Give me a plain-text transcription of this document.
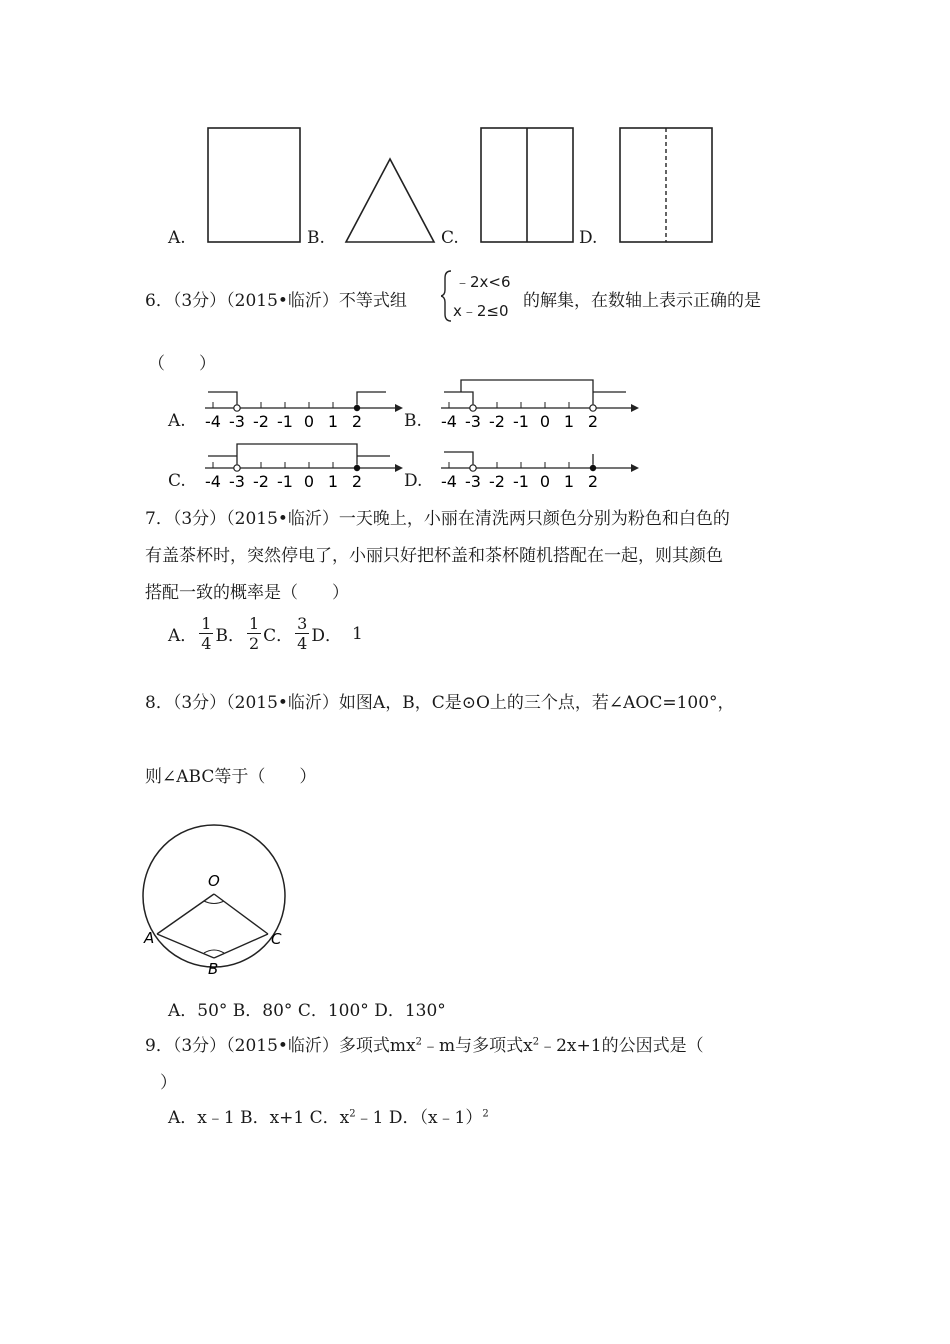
A.	B.	C.	D.
6．（3分）（2015•临沂）不等式组
﹣2x<6
x﹣2≤0 的解集，在数轴上表示正确的是
（　　）
A. -4 -3 -2 -1 0 1 2 B. -4 -3 -2 -1 0 1 2
C. -4 -3 -2 -1 0 1 2 D. -4 -3 -2 -1 0 1 2
7．（3分）（2015•临沂）一天晚上，小丽在清洗两只颜色分别为粉色和白色的
有盖茶杯时，突然停电了，小丽只好把杯盖和茶杯随机搭配在一起，则其颜色
搭配一致的概率是（　　）
A． $\frac{1}{4}$ B． $\frac{1}{2}$ C． $\frac{3}{4}$ D． 1
8．（3分）（2015•临沂）如图A，B，C是⊙O上的三个点，若∠AOC=100°，
则∠ABC等于（　　）
O
A
B
C
A．50° B．80° C．100° D．130°
9．（3分）（2015•临沂）多项式$mx^2﹣m$与多项式$x^2﹣2x+1$的公因式是（
）
A．x﹣1 B．x+1 C．$x^2﹣1$ D．（x﹣1）$^2$
